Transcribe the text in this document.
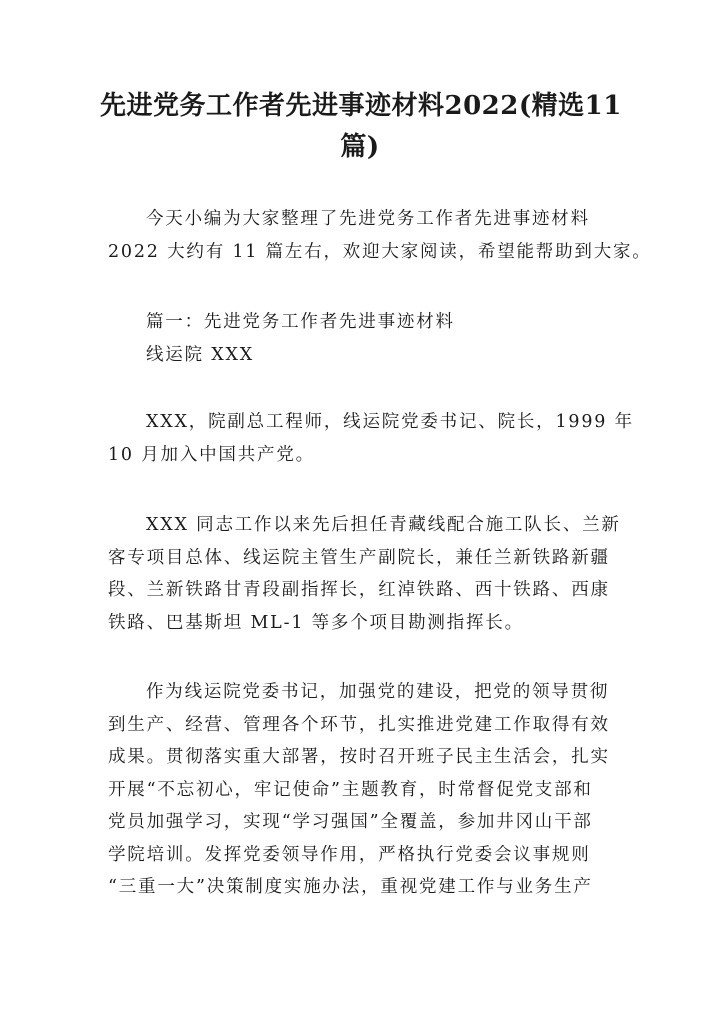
先进党务工作者先进事迹材料2022(精选11
篇)
今天小编为大家整理了先进党务工作者先进事迹材料
2022 大约有 11 篇左右，欢迎大家阅读，希望能帮助到大家。
篇一：先进党务工作者先进事迹材料
线运院 XXX
XXX，院副总工程师，线运院党委书记、院长，1999 年
10 月加入中国共产党。
XXX 同志工作以来先后担任青藏线配合施工队长、兰新
客专项目总体、线运院主管生产副院长，兼任兰新铁路新疆
段、兰新铁路甘青段副指挥长，红淖铁路、西十铁路、西康
铁路、巴基斯坦 ML-1 等多个项目勘测指挥长。
作为线运院党委书记，加强党的建设，把党的领导贯彻
到生产、经营、管理各个环节，扎实推进党建工作取得有效
成果。贯彻落实重大部署，按时召开班子民主生活会，扎实
开展“不忘初心，牢记使命”主题教育，时常督促党支部和
党员加强学习，实现“学习强国”全覆盖，参加井冈山干部
学院培训。发挥党委领导作用，严格执行党委会议事规则
“三重一大”决策制度实施办法，重视党建工作与业务生产
